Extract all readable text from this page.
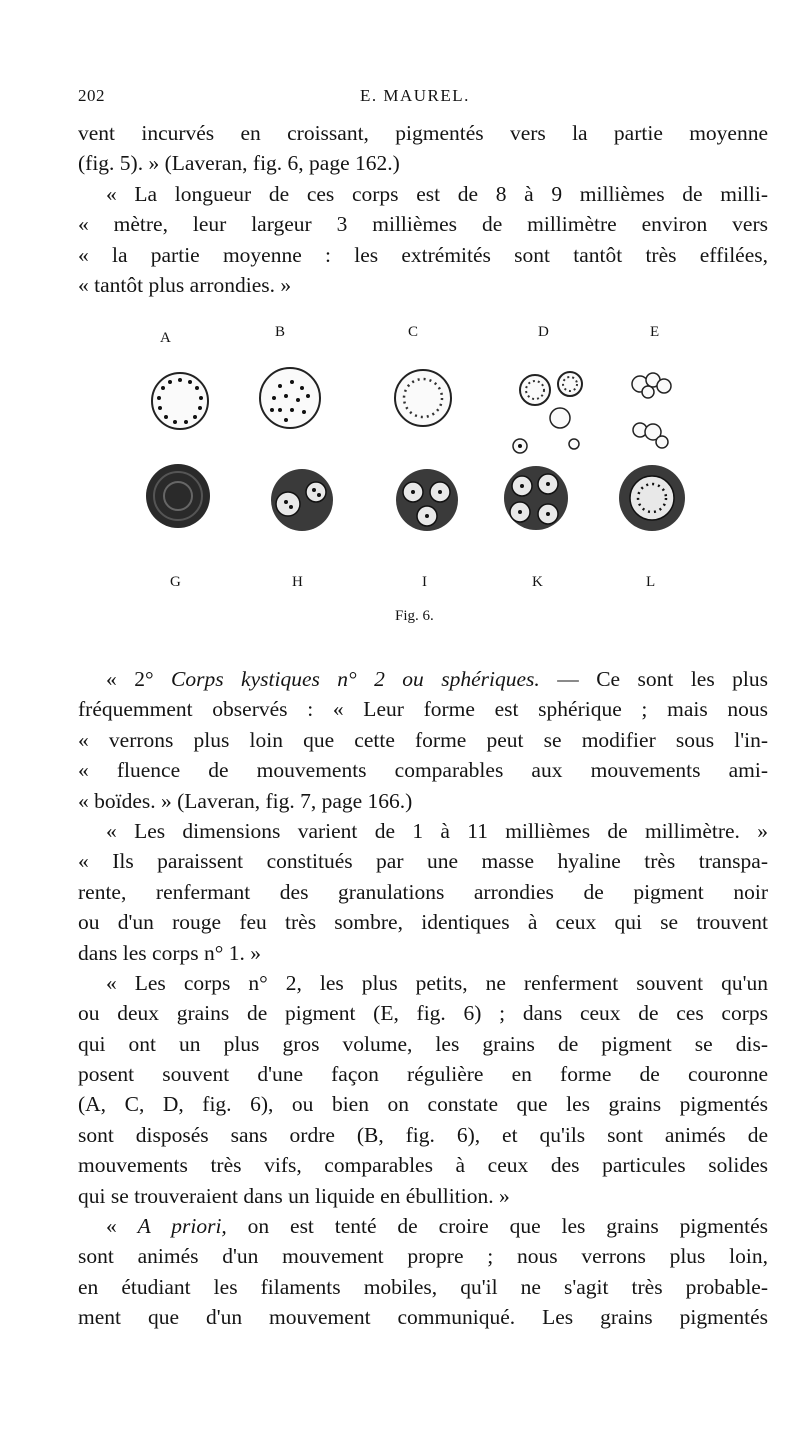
202	E. MAUREL.
vent incurvés en croissant, pigmentés vers la partie moyenne
(fig. 5). » (Laveran, fig. 6, page 162.)
« La longueur de ces corps est de 8 à 9 millièmes de milli-
« mètre, leur largeur 3 millièmes de millimètre environ vers
« la partie moyenne : les extrémités sont tantôt très effilées,
« tantôt plus arrondies. »
A	B	C	D	E
G	H	I	K	L
Fig. 6.
« 2° Corps kystiques n° 2 ou sphériques. — Ce sont les plus
fréquemment observés : « Leur forme est sphérique ; mais nous
« verrons plus loin que cette forme peut se modifier sous l'in-
« fluence de mouvements comparables aux mouvements ami-
« boïdes. » (Laveran, fig. 7, page 166.)
« Les dimensions varient de 1 à 11 millièmes de millimètre. »
« Ils paraissent constitués par une masse hyaline très transpa-
rente, renfermant des granulations arrondies de pigment noir
ou d'un rouge feu très sombre, identiques à ceux qui se trouvent
dans les corps n° 1. »
« Les corps n° 2, les plus petits, ne renferment souvent qu'un
ou deux grains de pigment (E, fig. 6) ; dans ceux de ces corps
qui ont un plus gros volume, les grains de pigment se dis-
posent souvent d'une façon régulière en forme de couronne
(A, C, D, fig. 6), ou bien on constate que les grains pigmentés
sont disposés sans ordre (B, fig. 6), et qu'ils sont animés de
mouvements très vifs, comparables à ceux des particules solides
qui se trouveraient dans un liquide en ébullition. »
« A priori, on est tenté de croire que les grains pigmentés
sont animés d'un mouvement propre ; nous verrons plus loin,
en étudiant les filaments mobiles, qu'il ne s'agit très probable-
ment que d'un mouvement communiqué. Les grains pigmentés
